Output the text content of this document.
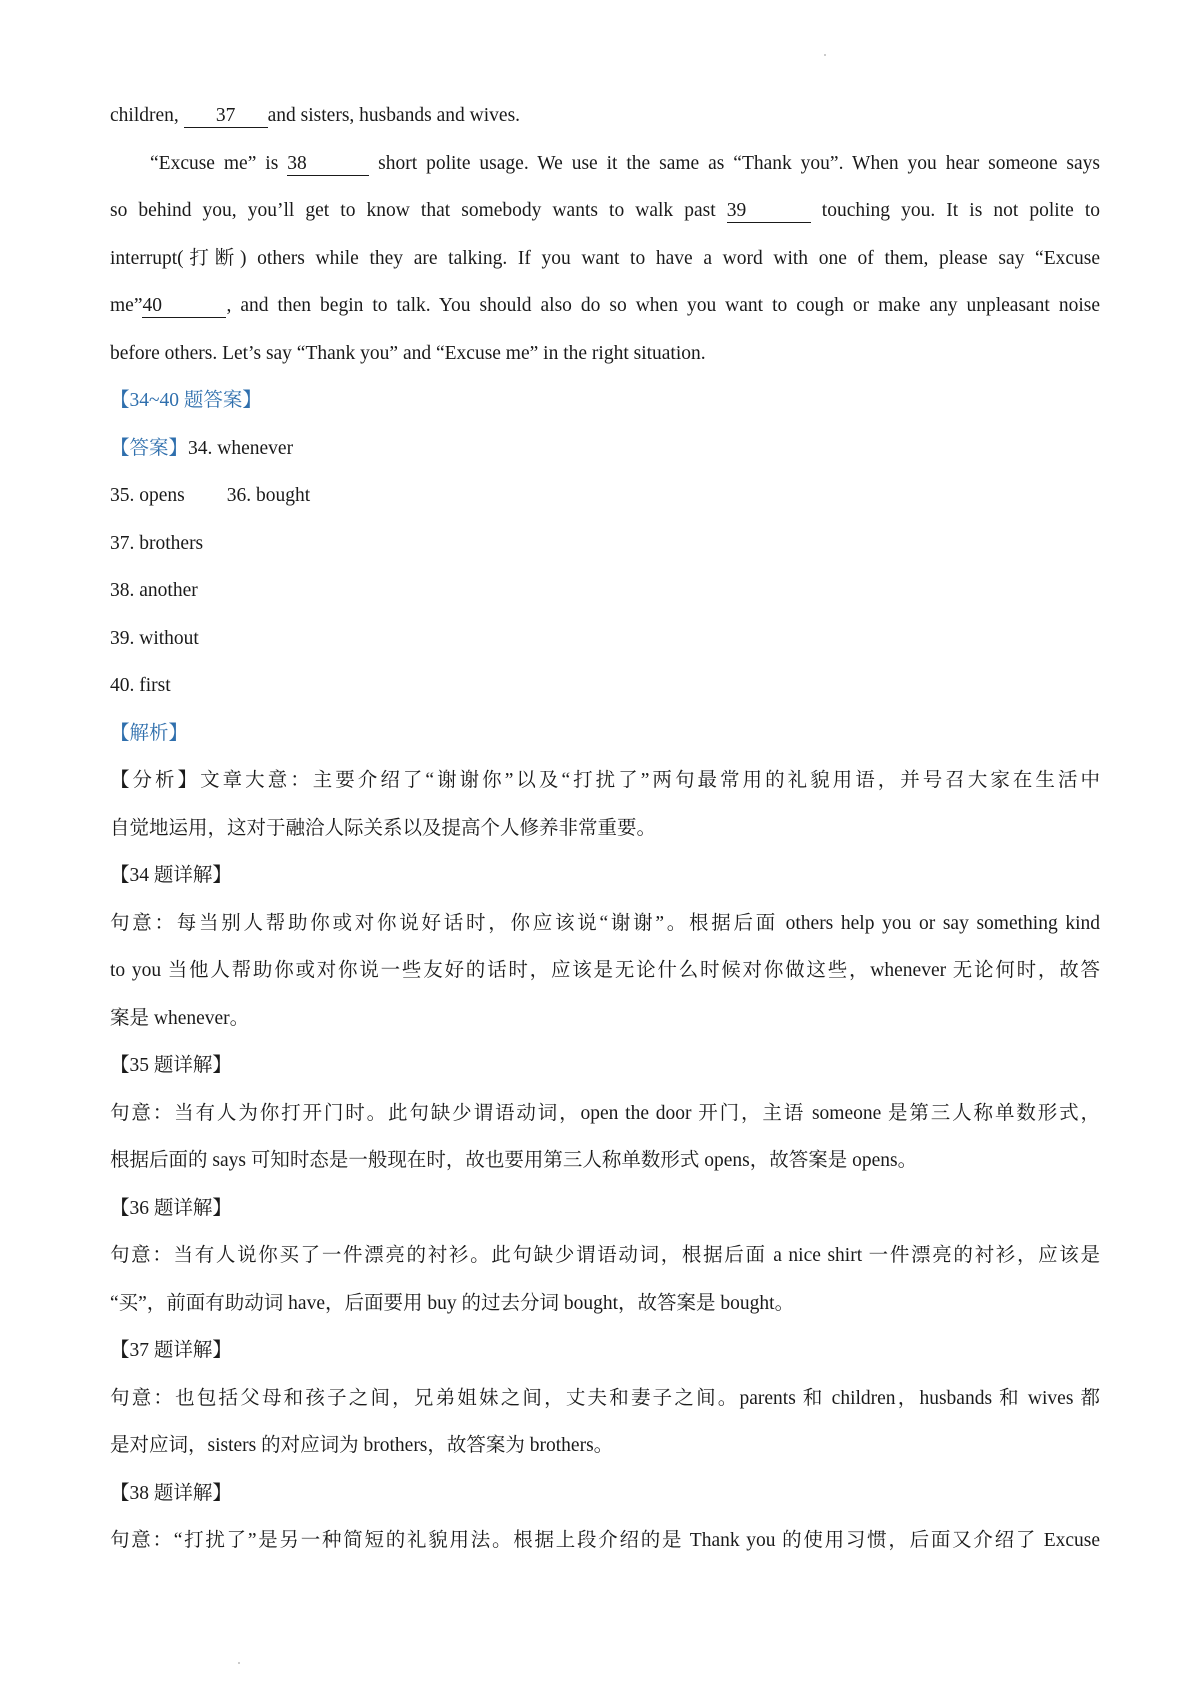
children, 37 and sisters, husbands and wives.
“Excuse me” is 38	short polite usage. We use it the same as “Thank you”. When you hear someone says
so behind you, you’ll get to know that somebody wants to walk past 39	touching you. It is not polite to
interrupt(打断) others while they are talking. If you want to have a word with one of them, please say “Excuse
me”40	, and then begin to talk. You should also do so when you want to cough or make any unpleasant noise
before others. Let’s say “Thank you” and “Excuse me” in the right situation.
【34~40 题答案】
【答案】34. whenever
35. opens 36. bought
37. brothers
38. another
39. without
40. first
【解析】
【分析】文章大意：主要介绍了“谢谢你”以及“打扰了”两句最常用的礼貌用语，并号召大家在生活中
自觉地运用，这对于融洽人际关系以及提高个人修养非常重要。
【34 题详解】
句意：每当别人帮助你或对你说好话时，你应该说“谢谢”。根据后面 others help you or say something kind
to you 当他人帮助你或对你说一些友好的话时，应该是无论什么时候对你做这些，whenever 无论何时，故答
案是 whenever。
【35 题详解】
句意：当有人为你打开门时。此句缺少谓语动词，open the door 开门，主语 someone 是第三人称单数形式，
根据后面的 says 可知时态是一般现在时，故也要用第三人称单数形式 opens，故答案是 opens。
【36 题详解】
句意：当有人说你买了一件漂亮的衬衫。此句缺少谓语动词，根据后面 a nice shirt 一件漂亮的衬衫，应该是
“买”，前面有助动词 have，后面要用 buy 的过去分词 bought，故答案是 bought。
【37 题详解】
句意：也包括父母和孩子之间，兄弟姐妹之间，丈夫和妻子之间。parents 和 children，husbands 和 wives 都
是对应词，sisters 的对应词为 brothers，故答案为 brothers。
【38 题详解】
句意：“打扰了”是另一种简短的礼貌用法。根据上段介绍的是 Thank you 的使用习惯，后面又介绍了 Excuse
